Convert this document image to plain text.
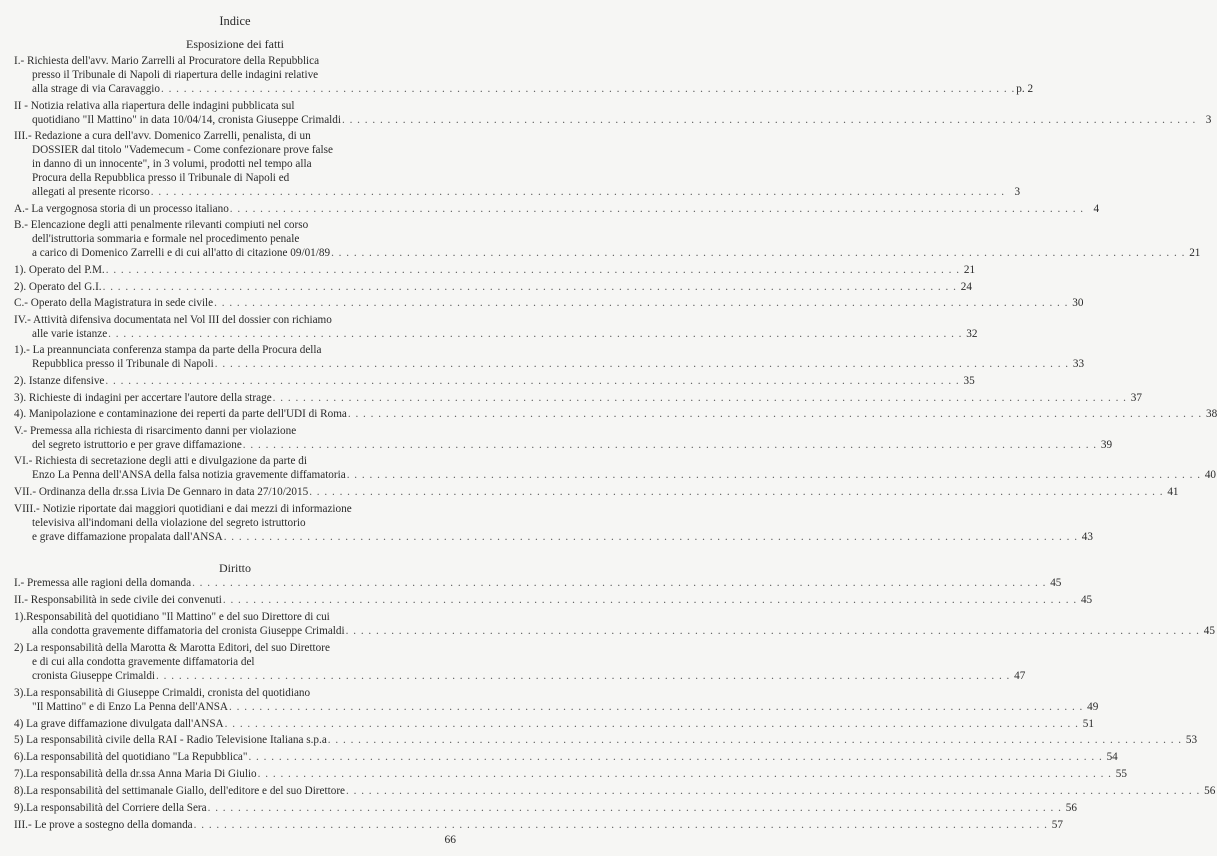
Indice
Esposizione dei fatti
I.- Richiesta dell'avv. Mario Zarrelli al Procuratore della Repubblica
presso il Tribunale di Napoli di riapertura delle indagini relative
alla strage di via Caravaggio . . . . . . . . . . . . . . . . . . . . . . . . . . . . . . . . . . . . . . . . . . . . . . . . . . . . . . . . . . . . . . . . . . . . . . . . . . . . . . . . . . . . . . . . . . . . . . . . . . . . . . . . . . . . . . . . . p. 2
II - Notizia relativa alla riapertura delle indagini pubblicata sul
quotidiano "Il Mattino" in data 10/04/14, cronista Giuseppe Crimaldi . . . . . . . . . . . . . . . . . . . . . . . . . . . . . . . . . . . . . . . . . . . . . . . . . . . . . . . . . . . . . . . . . . . . . . . . . . . . . . . . . . . . . . . . . . . . . . . . . . . . . . . . . . . . . . . . . 3
III.- Redazione a cura dell'avv. Domenico Zarrelli, penalista, di un
DOSSIER dal titolo "Vademecum - Come confezionare prove false
in danno di un innocente", in 3 volumi, prodotti nel tempo alla
Procura della Repubblica presso il Tribunale di Napoli ed
allegati al presente ricorso . . . . . . . . . . . . . . . . . . . . . . . . . . . . . . . . . . . . . . . . . . . . . . . . . . . . . . . . . . . . . . . . . . . . . . . . . . . . . . . . . . . . . . . . . . . . . . . . . . . . . . . . . . . . . . . . . 3
A.- La vergognosa storia di un processo italiano . . . . . . . . . . . . . . . . . . . . . . . . . . . . . . . . . . . . . . . . . . . . . . . . . . . . . . . . . . . . . . . . . . . . . . . . . . . . . . . . . . . . . . . . . . . . . . . . . . . . . . . . . . . . . . . . . 4
B.- Elencazione degli atti penalmente rilevanti compiuti nel corso
dell'istruttoria sommaria e formale nel procedimento penale
a carico di Domenico Zarrelli e di cui all'atto di citazione 09/01/89 . . . . . . . . . . . . . . . . . . . . . . . . . . . . . . . . . . . . . . . . . . . . . . . . . . . . . . . . . . . . . . . . . . . . . . . . . . . . . . . . . . . . . . . . . . . . . . . . . . . . . . . . . . . . . . . . . 21
1). Operato del P.M. . . . . . . . . . . . . . . . . . . . . . . . . . . . . . . . . . . . . . . . . . . . . . . . . . . . . . . . . . . . . . . . . . . . . . . . . . . . . . . . . . . . . . . . . . . . . . . . . . . . . . . . . . . . . . . . . . 21
2). Operato del G.I. . . . . . . . . . . . . . . . . . . . . . . . . . . . . . . . . . . . . . . . . . . . . . . . . . . . . . . . . . . . . . . . . . . . . . . . . . . . . . . . . . . . . . . . . . . . . . . . . . . . . . . . . . . . . . . . . . 24
C.- Operato della Magistratura in sede civile . . . . . . . . . . . . . . . . . . . . . . . . . . . . . . . . . . . . . . . . . . . . . . . . . . . . . . . . . . . . . . . . . . . . . . . . . . . . . . . . . . . . . . . . . . . . . . . . . . . . . . . . . . . . . . . . . 30
IV.- Attività difensiva documentata nel Vol III del dossier con richiamo
alle varie istanze . . . . . . . . . . . . . . . . . . . . . . . . . . . . . . . . . . . . . . . . . . . . . . . . . . . . . . . . . . . . . . . . . . . . . . . . . . . . . . . . . . . . . . . . . . . . . . . . . . . . . . . . . . . . . . . . . 32
1).- La preannunciata conferenza stampa da parte della Procura della
Repubblica presso il Tribunale di Napoli . . . . . . . . . . . . . . . . . . . . . . . . . . . . . . . . . . . . . . . . . . . . . . . . . . . . . . . . . . . . . . . . . . . . . . . . . . . . . . . . . . . . . . . . . . . . . . . . . . . . . . . . . . . . . . . . . 33
2). Istanze difensive . . . . . . . . . . . . . . . . . . . . . . . . . . . . . . . . . . . . . . . . . . . . . . . . . . . . . . . . . . . . . . . . . . . . . . . . . . . . . . . . . . . . . . . . . . . . . . . . . . . . . . . . . . . . . . . . . 35
3). Richieste di indagini per accertare l'autore della strage . . . . . . . . . . . . . . . . . . . . . . . . . . . . . . . . . . . . . . . . . . . . . . . . . . . . . . . . . . . . . . . . . . . . . . . . . . . . . . . . . . . . . . . . . . . . . . . . . . . . . . . . . . . . . . . . . 37
4). Manipolazione e contaminazione dei reperti da parte dell'UDI di Roma . . . . . . . . . . . . . . . . . . . . . . . . . . . . . . . . . . . . . . . . . . . . . . . . . . . . . . . . . . . . . . . . . . . . . . . . . . . . . . . . . . . . . . . . . . . . . . . . . . . . . . . . . . . . . . . . . 38
V.- Premessa alla richiesta di risarcimento danni per violazione
del segreto istruttorio e per grave diffamazione . . . . . . . . . . . . . . . . . . . . . . . . . . . . . . . . . . . . . . . . . . . . . . . . . . . . . . . . . . . . . . . . . . . . . . . . . . . . . . . . . . . . . . . . . . . . . . . . . . . . . . . . . . . . . . . . . 39
VI.- Richiesta di secretazione degli atti e divulgazione da parte di
Enzo La Penna dell'ANSA della falsa notizia gravemente diffamatoria . . . . . . . . . . . . . . . . . . . . . . . . . . . . . . . . . . . . . . . . . . . . . . . . . . . . . . . . . . . . . . . . . . . . . . . . . . . . . . . . . . . . . . . . . . . . . . . . . . . . . . . . . . . . . . . . . 40
VII.- Ordinanza della dr.ssa Livia De Gennaro in data 27/10/2015 . . . . . . . . . . . . . . . . . . . . . . . . . . . . . . . . . . . . . . . . . . . . . . . . . . . . . . . . . . . . . . . . . . . . . . . . . . . . . . . . . . . . . . . . . . . . . . . . . . . . . . . . . . . . . . . . . 41
VIII.- Notizie riportate dai maggiori quotidiani e dai mezzi di informazione
televisiva all'indomani della violazione del segreto istruttorio
e grave diffamazione propalata dall'ANSA . . . . . . . . . . . . . . . . . . . . . . . . . . . . . . . . . . . . . . . . . . . . . . . . . . . . . . . . . . . . . . . . . . . . . . . . . . . . . . . . . . . . . . . . . . . . . . . . . . . . . . . . . . . . . . . . . 43
Diritto
I.- Premessa alle ragioni della domanda . . . . . . . . . . . . . . . . . . . . . . . . . . . . . . . . . . . . . . . . . . . . . . . . . . . . . . . . . . . . . . . . . . . . . . . . . . . . . . . . . . . . . . . . . . . . . . . . . . . . . . . . . . . . . . . . . 45
II.- Responsabilità in sede civile dei convenuti . . . . . . . . . . . . . . . . . . . . . . . . . . . . . . . . . . . . . . . . . . . . . . . . . . . . . . . . . . . . . . . . . . . . . . . . . . . . . . . . . . . . . . . . . . . . . . . . . . . . . . . . . . . . . . . . . 45
1).Responsabilità del quotidiano "Il Mattino" e del suo Direttore di cui
alla condotta gravemente diffamatoria del cronista Giuseppe Crimaldi . . . . . . . . . . . . . . . . . . . . . . . . . . . . . . . . . . . . . . . . . . . . . . . . . . . . . . . . . . . . . . . . . . . . . . . . . . . . . . . . . . . . . . . . . . . . . . . . . . . . . . . . . . . . . . . . . 45
2) La responsabilità della Marotta & Marotta Editori, del suo Direttore
e di cui alla condotta gravemente diffamatoria del
cronista Giuseppe Crimaldi . . . . . . . . . . . . . . . . . . . . . . . . . . . . . . . . . . . . . . . . . . . . . . . . . . . . . . . . . . . . . . . . . . . . . . . . . . . . . . . . . . . . . . . . . . . . . . . . . . . . . . . . . . . . . . . . . 47
3).La responsabilità di Giuseppe Crimaldi, cronista del quotidiano
"Il Mattino" e di Enzo La Penna dell'ANSA . . . . . . . . . . . . . . . . . . . . . . . . . . . . . . . . . . . . . . . . . . . . . . . . . . . . . . . . . . . . . . . . . . . . . . . . . . . . . . . . . . . . . . . . . . . . . . . . . . . . . . . . . . . . . . . . . 49
4) La grave diffamazione divulgata dall'ANSA . . . . . . . . . . . . . . . . . . . . . . . . . . . . . . . . . . . . . . . . . . . . . . . . . . . . . . . . . . . . . . . . . . . . . . . . . . . . . . . . . . . . . . . . . . . . . . . . . . . . . . . . . . . . . . . . . 51
5) La responsabilità civile della RAI - Radio Televisione Italiana s.p.a . . . . . . . . . . . . . . . . . . . . . . . . . . . . . . . . . . . . . . . . . . . . . . . . . . . . . . . . . . . . . . . . . . . . . . . . . . . . . . . . . . . . . . . . . . . . . . . . . . . . . . . . . . . . . . . . . 53
6).La responsabilità del quotidiano "La Repubblica" . . . . . . . . . . . . . . . . . . . . . . . . . . . . . . . . . . . . . . . . . . . . . . . . . . . . . . . . . . . . . . . . . . . . . . . . . . . . . . . . . . . . . . . . . . . . . . . . . . . . . . . . . . . . . . . . . 54
7).La responsabilità della dr.ssa Anna Maria Di Giulio . . . . . . . . . . . . . . . . . . . . . . . . . . . . . . . . . . . . . . . . . . . . . . . . . . . . . . . . . . . . . . . . . . . . . . . . . . . . . . . . . . . . . . . . . . . . . . . . . . . . . . . . . . . . . . . . . 55
8).La responsabilità del settimanale Giallo, dell'editore e del suo Direttore . . . . . . . . . . . . . . . . . . . . . . . . . . . . . . . . . . . . . . . . . . . . . . . . . . . . . . . . . . . . . . . . . . . . . . . . . . . . . . . . . . . . . . . . . . . . . . . . . . . . . . . . . . . . . . . . . 56
9).La responsabilità del Corriere della Sera . . . . . . . . . . . . . . . . . . . . . . . . . . . . . . . . . . . . . . . . . . . . . . . . . . . . . . . . . . . . . . . . . . . . . . . . . . . . . . . . . . . . . . . . . . . . . . . . . . . . . . . . . . . . . . . . . 56
III.- Le prove a sostegno della domanda . . . . . . . . . . . . . . . . . . . . . . . . . . . . . . . . . . . . . . . . . . . . . . . . . . . . . . . . . . . . . . . . . . . . . . . . . . . . . . . . . . . . . . . . . . . . . . . . . . . . . . . . . . . . . . . . . 57
66
